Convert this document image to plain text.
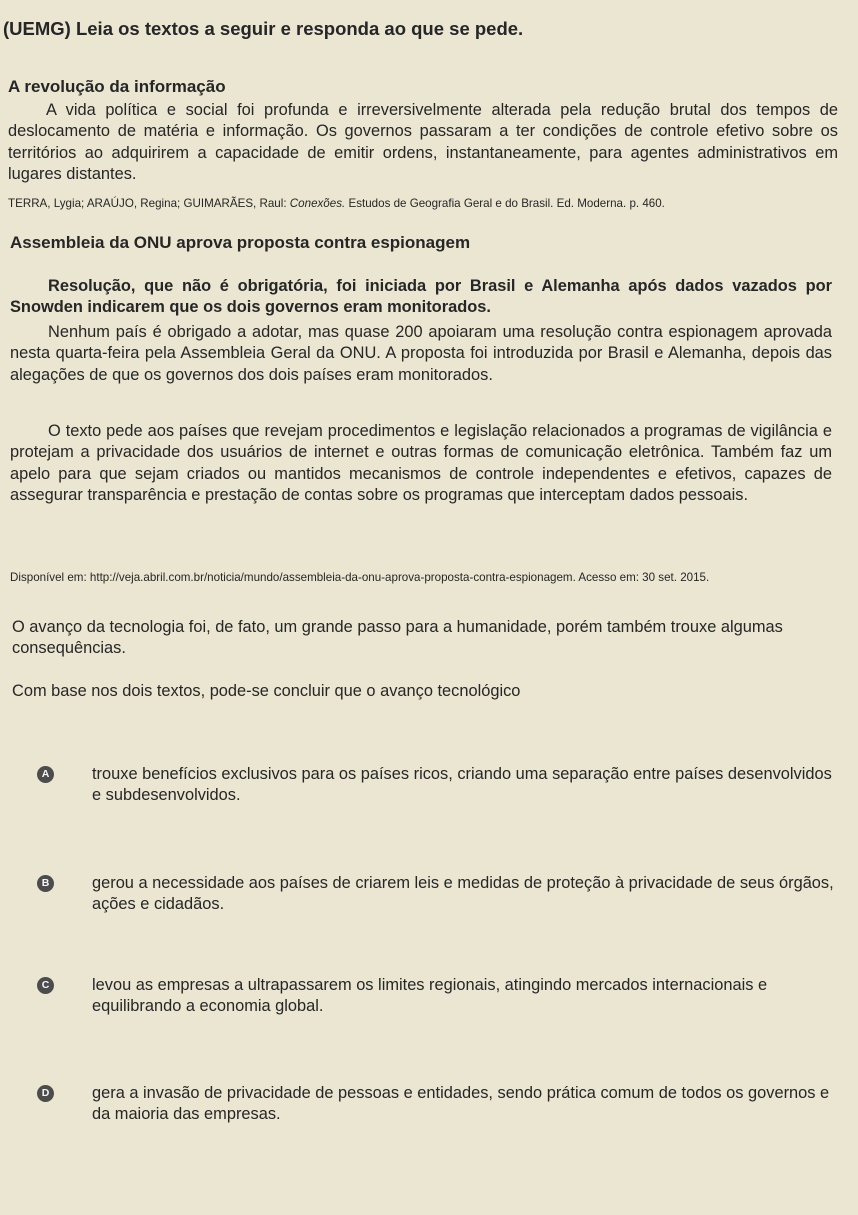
(UEMG) Leia os textos a seguir e responda ao que se pede.
A revolução da informação
A vida política e social foi profunda e irreversivelmente alterada pela redução brutal dos tempos de deslocamento de matéria e informação. Os governos passaram a ter condições de controle efetivo sobre os territórios ao adquirirem a capacidade de emitir ordens, instantaneamente, para agentes administrativos em lugares distantes.
TERRA, Lygia; ARAÚJO, Regina; GUIMARÃES, Raul: Conexões. Estudos de Geografia Geral e do Brasil. Ed. Moderna. p. 460.
Assembleia da ONU aprova proposta contra espionagem
Resolução, que não é obrigatória, foi iniciada por Brasil e Alemanha após dados vazados por Snowden indicarem que os dois governos eram monitorados.
Nenhum país é obrigado a adotar, mas quase 200 apoiaram uma resolução contra espionagem aprovada nesta quarta-feira pela Assembleia Geral da ONU. A proposta foi introduzida por Brasil e Alemanha, depois das alegações de que os governos dos dois países eram monitorados.
O texto pede aos países que revejam procedimentos e legislação relacionados a programas de vigilância e protejam a privacidade dos usuários de internet e outras formas de comunicação eletrônica. Também faz um apelo para que sejam criados ou mantidos mecanismos de controle independentes e efetivos, capazes de assegurar transparência e prestação de contas sobre os programas que interceptam dados pessoais.
Disponível em: http://veja.abril.com.br/noticia/mundo/assembleia-da-onu-aprova-proposta-contra-espionagem. Acesso em: 30 set. 2015.
O avanço da tecnologia foi, de fato, um grande passo para a humanidade, porém também trouxe algumas consequências.
Com base nos dois textos, pode-se concluir que o avanço tecnológico
A	trouxe benefícios exclusivos para os países ricos, criando uma separação entre países desenvolvidos e subdesenvolvidos.
B	gerou a necessidade aos países de criarem leis e medidas de proteção à privacidade de seus órgãos, ações e cidadãos.
C	levou as empresas a ultrapassarem os limites regionais, atingindo mercados internacionais e equilibrando a economia global.
D	gera a invasão de privacidade de pessoas e entidades, sendo prática comum de todos os governos e da maioria das empresas.
